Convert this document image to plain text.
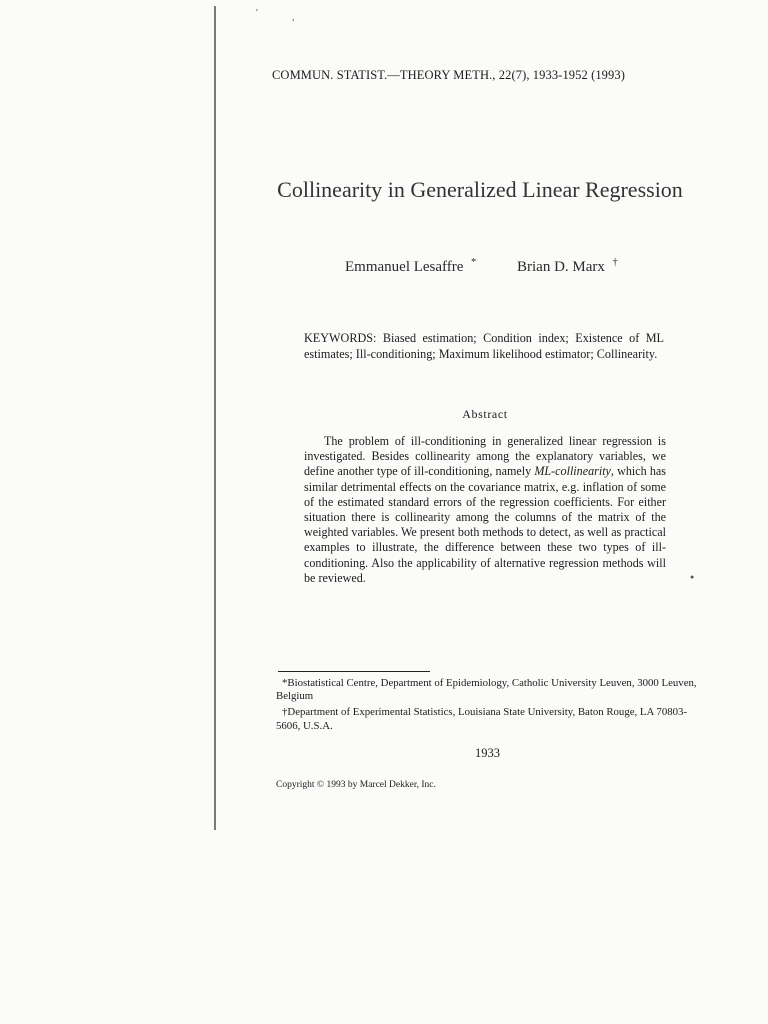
'	,
●
COMMUN. STATIST.—THEORY METH., 22(7), 1933-1952 (1993)
Collinearity in Generalized Linear Regression
Emmanuel Lesaffre *	Brian D. Marx †
KEYWORDS: Biased estimation; Condition index; Existence of ML estimates; Ill-conditioning; Maximum likelihood estimator; Collinearity.
Abstract
The problem of ill-conditioning in generalized linear regression is investigated. Besides collinearity among the explanatory variables, we define another type of ill-conditioning, namely ML-collinearity, which has similar detrimental effects on the covariance matrix, e.g. inflation of some of the estimated standard errors of the regression coefficients. For either situation there is collinearity among the columns of the matrix of the weighted variables. We present both methods to detect, as well as practical examples to illustrate, the difference between these two types of ill-conditioning. Also the applicability of alternative regression methods will be reviewed.

*Biostatistical Centre, Department of Epidemiology, Catholic University Leuven, 3000 Leuven, Belgium

†Department of Experimental Statistics, Louisiana State University, Baton Rouge, LA 70803-5606, U.S.A.

1933
Copyright © 1993 by Marcel Dekker, Inc.
